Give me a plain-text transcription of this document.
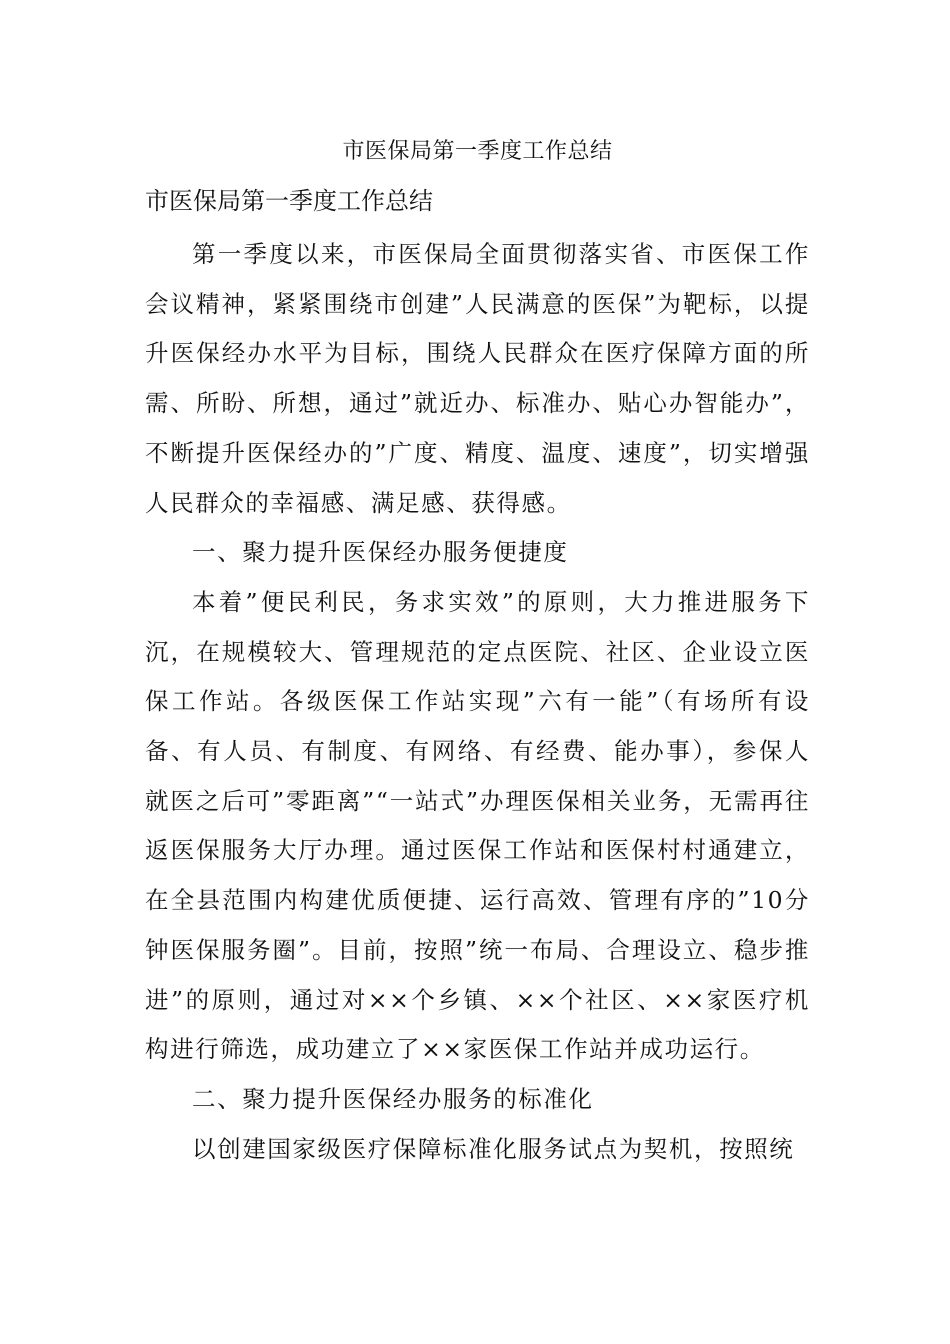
市医保局第一季度工作总结
市医保局第一季度工作总结

第一季度以来，市医保局全面贯彻落实省、市医保工作会议精神，紧紧围绕市创建”人民满意的医保”为靶标，以提升医保经办水平为目标，围绕人民群众在医疗保障方面的所需、所盼、所想，通过”就近办、标准办、贴心办智能办”，不断提升医保经办的”广度、精度、温度、速度”，切实增强人民群众的幸福感、满足感、获得感。

一、聚力提升医保经办服务便捷度

本着”便民利民，务求实效”的原则，大力推进服务下沉，在规模较大、管理规范的定点医院、社区、企业设立医保工作站。各级医保工作站实现”六有一能”（有场所有设备、有人员、有制度、有网络、有经费、能办事），参保人就医之后可”零距离”“一站式”办理医保相关业务，无需再往返医保服务大厅办理。通过医保工作站和医保村村通建立，在全县范围内构建优质便捷、运行高效、管理有序的”10分钟医保服务圈”。目前，按照”统一布局、合理设立、稳步推进”的原则，通过对××个乡镇、××个社区、××家医疗机构进行筛选，成功建立了××家医保工作站并成功运行。

二、聚力提升医保经办服务的标准化

以创建国家级医疗保障标准化服务试点为契机，按照统
